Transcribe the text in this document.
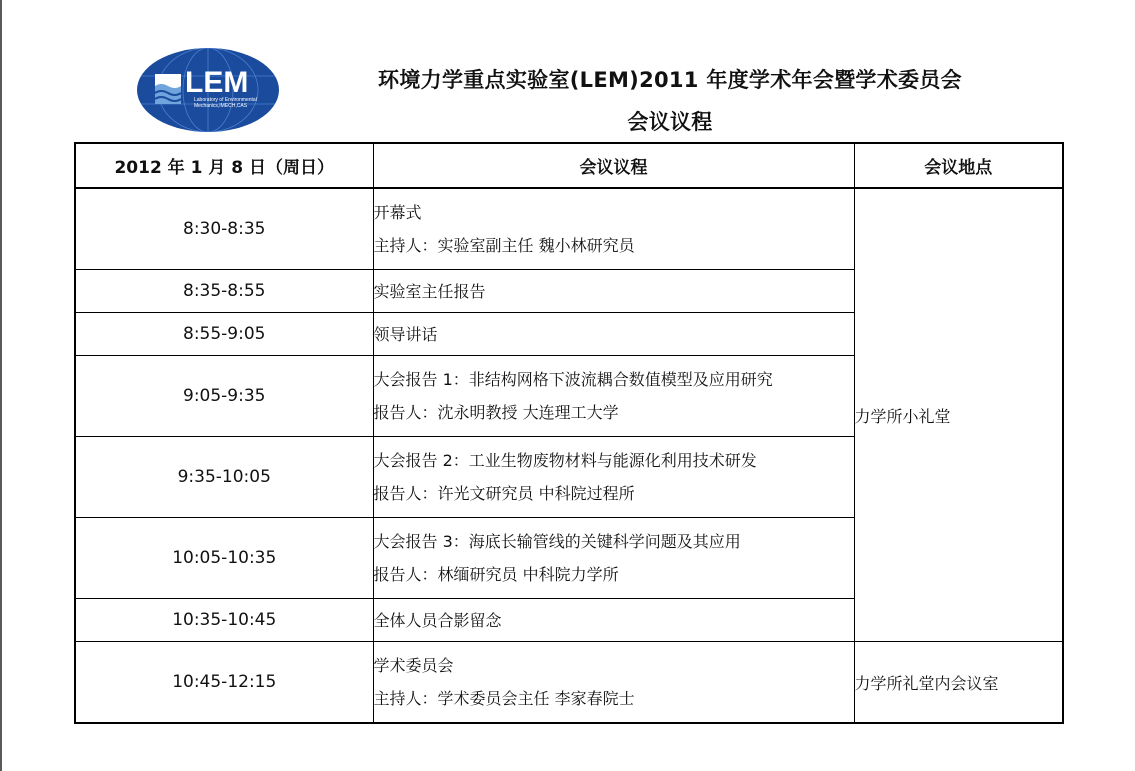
LEM
Laboratory of Environmental
Mechanics,IMECH,CAS
环境力学重点实验室(LEM)2011 年度学术年会暨学术委员会
会议议程
2012 年 1 月 8 日（周日）	会议议程	会议地点
8:30-8:35	开幕式
主持人：实验室副主任 魏小林研究员	力学所小礼堂
8:35-8:55	实验室主任报告	

8:55-9:05	领导讲话	

9:05-9:35	大会报告 1：非结构网格下波流耦合数值模型及应用研究
报告人：沈永明教授 大连理工大学	

9:35-10:05	大会报告 2：工业生物废物材料与能源化利用技术研发
报告人：许光文研究员 中科院过程所	

10:05-10:35	大会报告 3：海底长输管线的关键科学问题及其应用
报告人：林缅研究员 中科院力学所	

10:35-10:45	全体人员合影留念	

10:45-12:15	学术委员会
主持人：学术委员会主任 李家春院士	力学所礼堂内会议室
